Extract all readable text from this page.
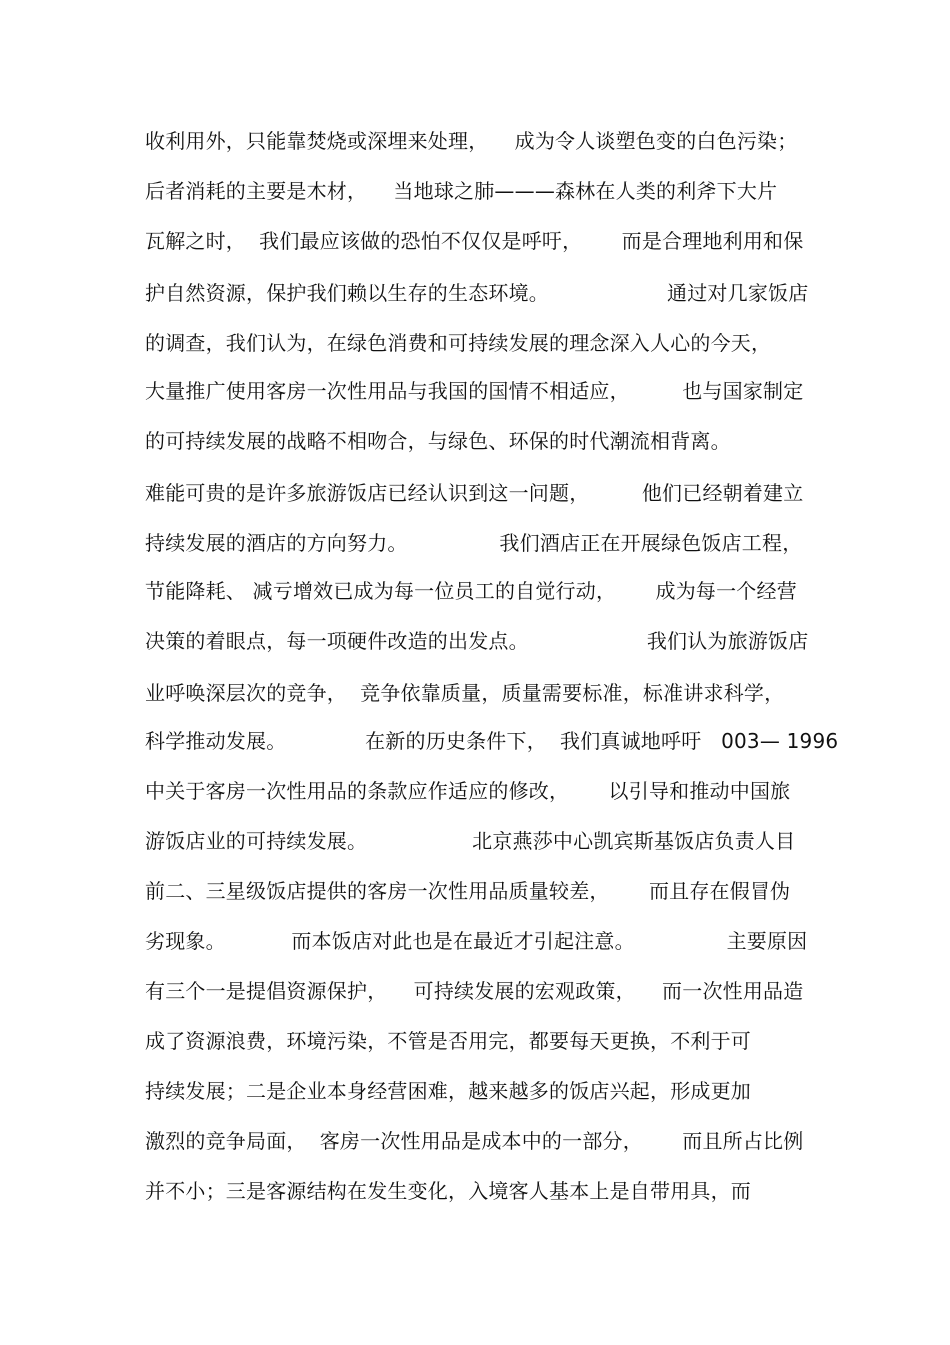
收利用外，只能靠焚烧或深埋来处理，    成为令人谈塑色变的白色污染；
后者消耗的主要是木材，    当地球之肺———森林在人类的利斧下大片
瓦解之时，  我们最应该做的恐怕不仅仅是呼吁，      而是合理地利用和保
护自然资源，保护我们赖以生存的生态环境。                  通过对几家饭店
的调查，我们认为，在绿色消费和可持续发展的理念深入人心的今天，
大量推广使用客房一次性用品与我国的国情不相适应，        也与国家制定
的可持续发展的战略不相吻合，与绿色、环保的时代潮流相背离。
难能可贵的是许多旅游饭店已经认识到这一问题，        他们已经朝着建立
持续发展的酒店的方向努力。              我们酒店正在开展绿色饭店工程，
节能降耗、 减亏增效已成为每一位员工的自觉行动，      成为每一个经营
决策的着眼点，每一项硬件改造的出发点。                  我们认为旅游饭店
业呼唤深层次的竞争，  竞争依靠质量，质量需要标准，标准讲求科学，
科学推动发展。            在新的历史条件下，  我们真诚地呼吁   003— 1996
中关于客房一次性用品的条款应作适应的修改，      以引导和推动中国旅
游饭店业的可持续发展。                北京燕莎中心凯宾斯基饭店负责人目
前二、三星级饭店提供的客房一次性用品质量较差，      而且存在假冒伪
劣现象。          而本饭店对此也是在最近才引起注意。              主要原因
有三个一是提倡资源保护，    可持续发展的宏观政策，    而一次性用品造
成了资源浪费，环境污染，不管是否用完，都要每天更换，不利于可
持续发展；二是企业本身经营困难，越来越多的饭店兴起，形成更加
激烈的竞争局面，  客房一次性用品是成本中的一部分，      而且所占比例
并不小；三是客源结构在发生变化，入境客人基本上是自带用具，而
